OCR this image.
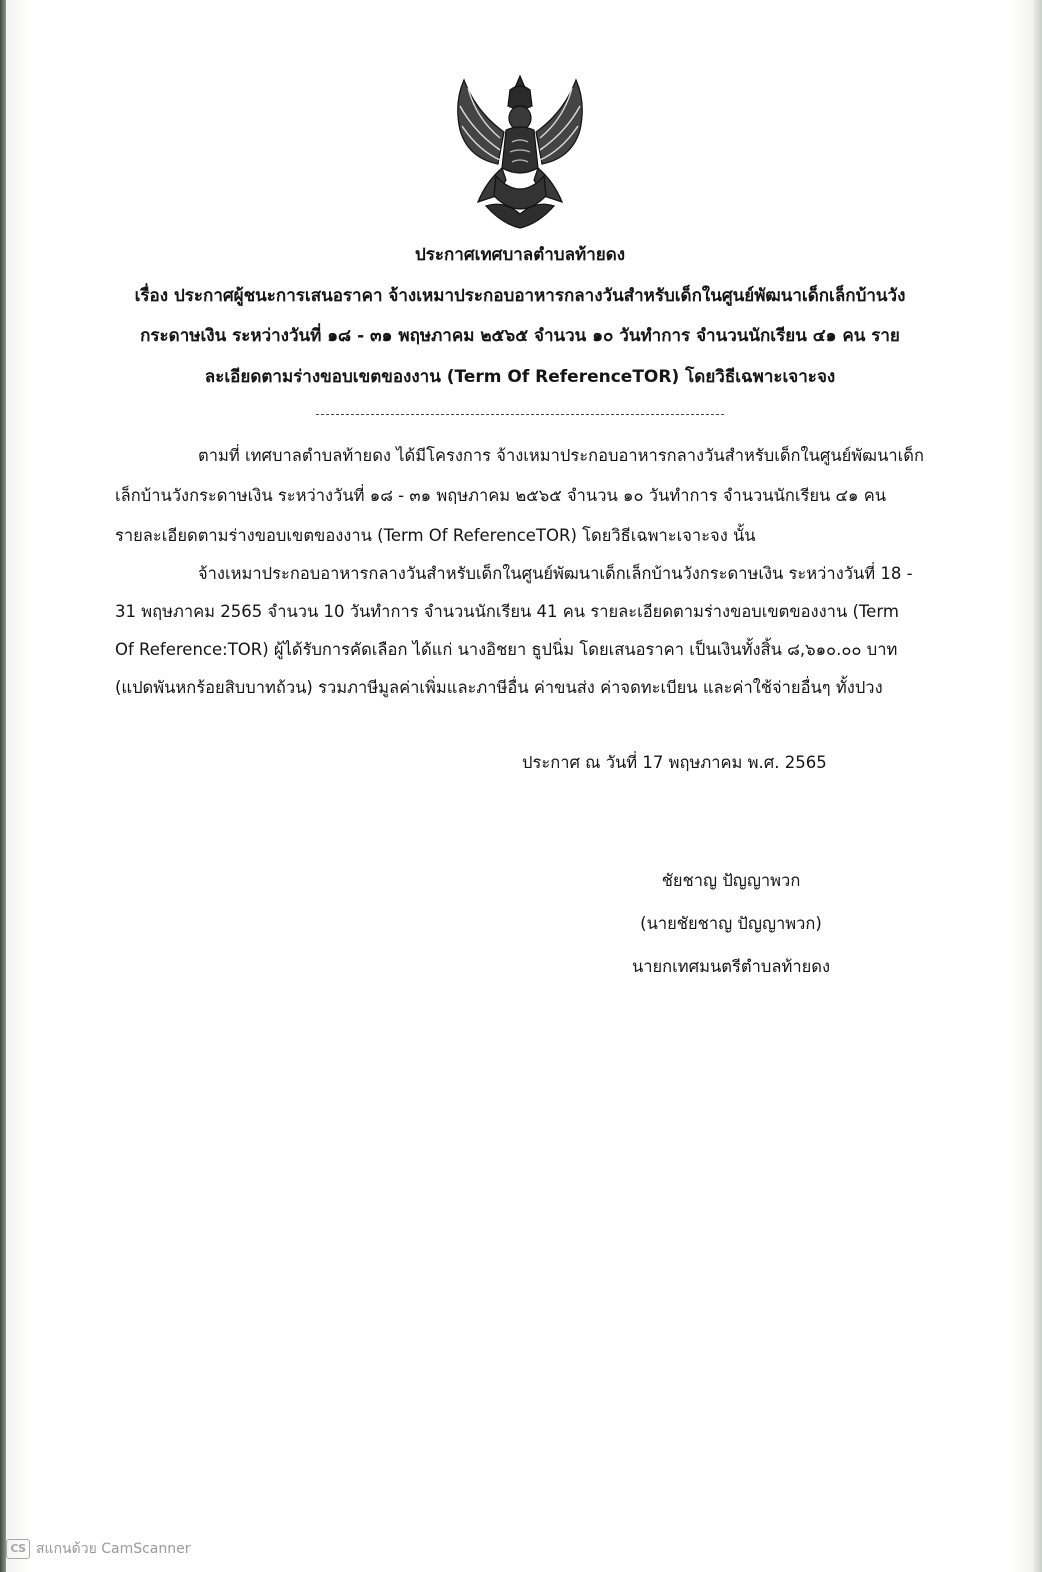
ประกาศเทศบาลตำบลท้ายดง
เรื่อง ประกาศผู้ชนะการเสนอราคา จ้างเหมาประกอบอาหารกลางวันสำหรับเด็กในศูนย์พัฒนาเด็กเล็กบ้านวัง
กระดาษเงิน ระหว่างวันที่ ๑๘ - ๓๑ พฤษภาคม ๒๕๖๕ จำนวน ๑๐ วันทำการ จำนวนนักเรียน ๔๑ คน ราย
ละเอียดตามร่างขอบเขตของงาน (Term Of ReferenceTOR) โดยวิธีเฉพาะเจาะจง
ตามที่ เทศบาลตำบลท้ายดง ได้มีโครงการ จ้างเหมาประกอบอาหารกลางวันสำหรับเด็กในศูนย์พัฒนาเด็ก
เล็กบ้านวังกระดาษเงิน ระหว่างวันที่ ๑๘ - ๓๑ พฤษภาคม ๒๕๖๕ จำนวน ๑๐ วันทำการ จำนวนนักเรียน ๔๑ คน
รายละเอียดตามร่างขอบเขตของงาน (Term Of ReferenceTOR) โดยวิธีเฉพาะเจาะจง นั้น
จ้างเหมาประกอบอาหารกลางวันสำหรับเด็กในศูนย์พัฒนาเด็กเล็กบ้านวังกระดาษเงิน ระหว่างวันที่ 18 -
31 พฤษภาคม 2565 จำนวน 10 วันทำการ จำนวนนักเรียน 41 คน รายละเอียดตามร่างขอบเขตของงาน (Term
Of Reference:TOR) ผู้ได้รับการคัดเลือก ได้แก่ นางอิชยา ธูปนิ่ม โดยเสนอราคา เป็นเงินทั้งสิ้น ๘,๖๑๐.๐๐ บาท
(แปดพันหกร้อยสิบบาทถ้วน) รวมภาษีมูลค่าเพิ่มและภาษีอื่น ค่าขนส่ง ค่าจดทะเบียน และค่าใช้จ่ายอื่นๆ ทั้งปวง
ประกาศ ณ วันที่ 17 พฤษภาคม พ.ศ. 2565
ชัยชาญ ปัญญาพวก
(นายชัยชาญ ปัญญาพวก)
นายกเทศมนตรีตำบลท้ายดง
CS สแกนด้วย CamScanner
